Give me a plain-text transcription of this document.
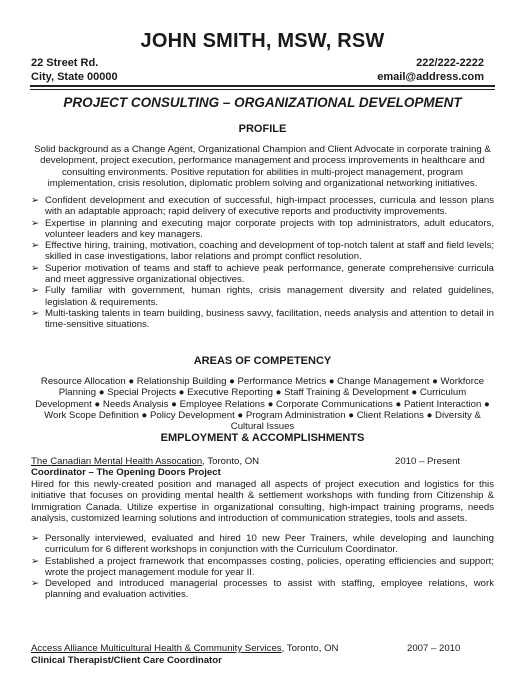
JOHN SMITH, MSW, RSW
22 Street Rd.
City, State 00000
222/222-2222
email@address.com
PROJECT CONSULTING – ORGANIZATIONAL DEVELOPMENT
PROFILE

Solid background as a Change Agent, Organizational Champion and Client Advocate in corporate training & development, project execution, performance management and process improvements in healthcare and consulting environments. Positive reputation for abilities in multi-project management, program implementation, crisis resolution, diplomatic problem solving and organizational networking initiatives.

➢ Confident development and execution of successful, high-impact processes, curricula and lesson plans with an adaptable approach; rapid delivery of executive reports and productivity improvements.
➢ Expertise in planning and executing major corporate projects with top administrators, adult educators, volunteer leaders and key managers.
➢ Effective hiring, training, motivation, coaching and development of top-notch talent at staff and field levels; skilled in case investigations, labor relations and prompt conflict resolution.
➢ Superior motivation of teams and staff to achieve peak performance, generate comprehensive curricula and meet aggressive organizational objectives.
➢ Fully familiar with government, human rights, crisis management diversity and related guidelines, legislation & requirements.
➢ Multi-tasking talents in team building, business savvy, facilitation, needs analysis and attention to detail in time-sensitive situations.
AREAS OF COMPETENCY

Resource Allocation ● Relationship Building ● Performance Metrics ● Change Management ● Workforce Planning ● Special Projects ● Executive Reporting ● Staff Training & Development ● Curriculum Development ● Needs Analysis ● Employee Relations ● Corporate Communications ● Patient Interaction ● Work Scope Definition ● Policy Development ● Program Administration ● Client Relations ● Diversity & Cultural Issues

EMPLOYMENT & ACCOMPLISHMENTS
The Canadian Mental Health Assocation, Toronto, ON	2010 – Present
Coordinator – The Opening Doors Project

Hired for this newly-created position and managed all aspects of project execution and logistics for this initiative that focuses on providing mental health & settlement workshops with funding from Citizenship & Immigration Canada. Utilize expertise in organizational consulting, high-impact training programs, needs analysis, customized learning solutions and introduction of communication strategies, tools and assets.

➢ Personally interviewed, evaluated and hired 10 new Peer Trainers, while developing and launching curriculum for 6 different workshops in conjunction with the Curriculum Coordinator.
➢ Established a project framework that encompasses costing, policies, operating efficiencies and support; wrote the project management module for year II.
➢ Developed and introduced managerial processes to assist with staffing, employee relations, work planning and evaluation activities.
Access Alliance Multicultural Health & Community Services, Toronto, ON	2007 – 2010
Clinical Therapist/Client Care Coordinator
